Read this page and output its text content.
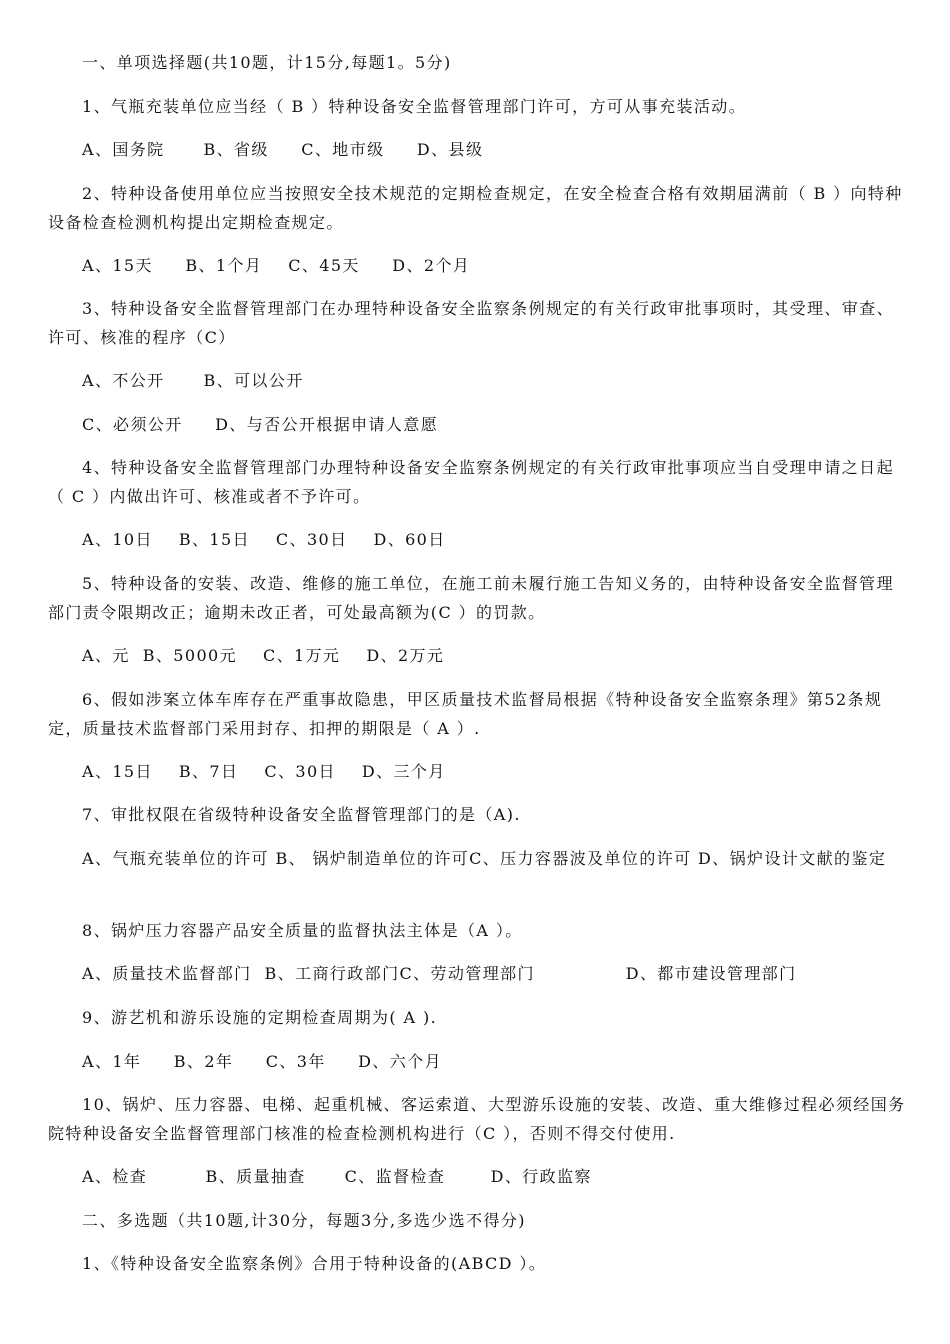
一、单项选择题(共10题，计15分,每题1。5分)
1、气瓶充装单位应当经（ B ）特种设备安全监督管理部门许可，方可从事充装活动。
A、国务院      B、省级     C、地市级     D、县级
2、特种设备使用单位应当按照安全技术规范的定期检查规定，在安全检查合格有效期届满前（ B ）向特种设备检查检测机构提出定期检查规定。
A、15天     B、1个月    C、45天     D、2个月
3、特种设备安全监督管理部门在办理特种设备安全监察条例规定的有关行政审批事项时，其受理、审查、许可、核准的程序（C）
A、不公开      B、可以公开
C、必须公开     D、与否公开根据申请人意愿
4、特种设备安全监督管理部门办理特种设备安全监察条例规定的有关行政审批事项应当自受理申请之日起（ C ）内做出许可、核准或者不予许可。
A、10日    B、15日    C、30日    D、60日
5、特种设备的安装、改造、维修的施工单位，在施工前未履行施工告知义务的，由特种设备安全监督管理部门责令限期改正；逾期未改正者，可处最高额为(C ）的罚款。
A、元  B、5000元    C、1万元    D、2万元
6、假如涉案立体车库存在严重事故隐患，甲区质量技术监督局根据《特种设备安全监察条理》第52条规定，质量技术监督部门采用封存、扣押的期限是（ A ）.
A、15日    B、7日    C、30日    D、三个月
7、审批权限在省级特种设备安全监督管理部门的是（A).
A、气瓶充装单位的许可 B、 锅炉制造单位的许可C、压力容器波及单位的许可 D、锅炉设计文献的鉴定
8、锅炉压力容器产品安全质量的监督执法主体是（A ）。
A、质量技术监督部门  B、工商行政部门C、劳动管理部门              D、都市建设管理部门
9、游艺机和游乐设施的定期检查周期为( A ).
A、1年     B、2年     C、3年     D、六个月
10、锅炉、压力容器、电梯、起重机械、客运索道、大型游乐设施的安装、改造、重大维修过程必须经国务院特种设备安全监督管理部门核准的检查检测机构进行（C ），否则不得交付使用.
A、检查         B、质量抽查      C、监督检查       D、行政监察
二、多选题（共10题,计30分，每题3分,多选少选不得分)
1、《特种设备安全监察条例》合用于特种设备的(ABCD ）。
